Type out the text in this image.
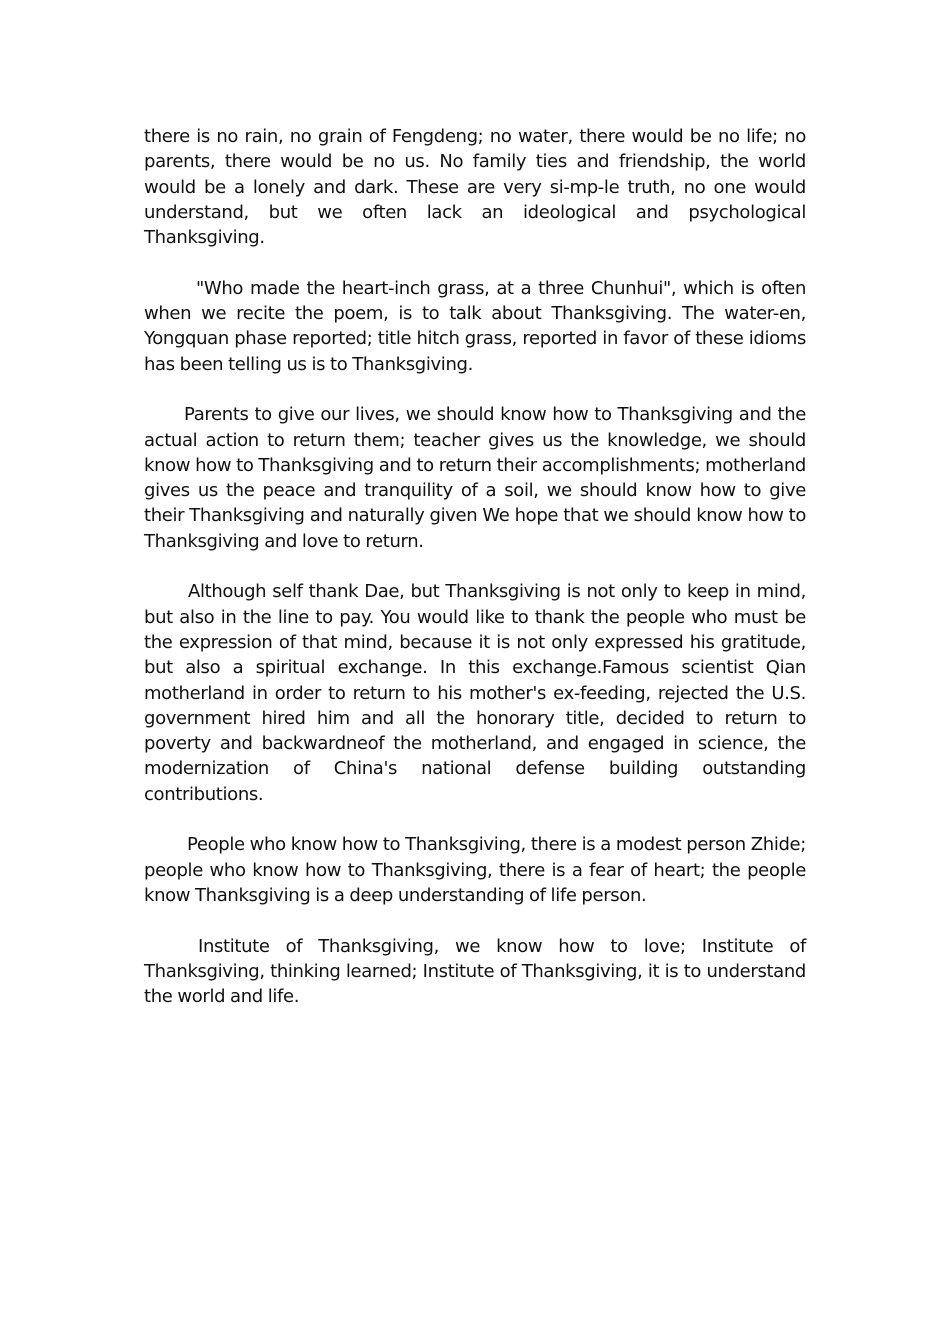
there is no rain, no grain of Fengdeng; no water, there would be no life; no parents, there would be no us. No family ties and friendship, the world would be a lonely and dark. These are very si-mp-le truth, no one would understand, but we often lack an ideological and psychological Thanksgiving.

"Who made the heart-inch grass, at a three Chunhui", which is often when we recite the poem, is to talk about Thanksgiving. The water-en, Yongquan phase reported; title hitch grass, reported in favor of these idioms has been telling us is to Thanksgiving.

Parents to give our lives, we should know how to Thanksgiving and the actual action to return them; teacher gives us the knowledge, we should know how to Thanksgiving and to return their accomplishments; motherland gives us the peace and tranquility of a soil, we should know how to give their Thanksgiving and naturally given We hope that we should know how to Thanksgiving and love to return.

Although self thank Dae, but Thanksgiving is not only to keep in mind, but also in the line to pay. You would like to thank the people who must be the expression of that mind, because it is not only expressed his gratitude, but also a spiritual exchange. In this exchange.Famous scientist Qian motherland in order to return to his mother's ex-feeding, rejected the U.S. government hired him and all the honorary title, decided to return to poverty and backwardneof the motherland, and engaged in science, the modernization of China's national defense building outstanding contributions.

People who know how to Thanksgiving, there is a modest person Zhide; people who know how to Thanksgiving, there is a fear of heart; the people know Thanksgiving is a deep understanding of life person.

Institute of Thanksgiving, we know how to love; Institute of Thanksgiving, thinking learned; Institute of Thanksgiving, it is to understand the world and life.
